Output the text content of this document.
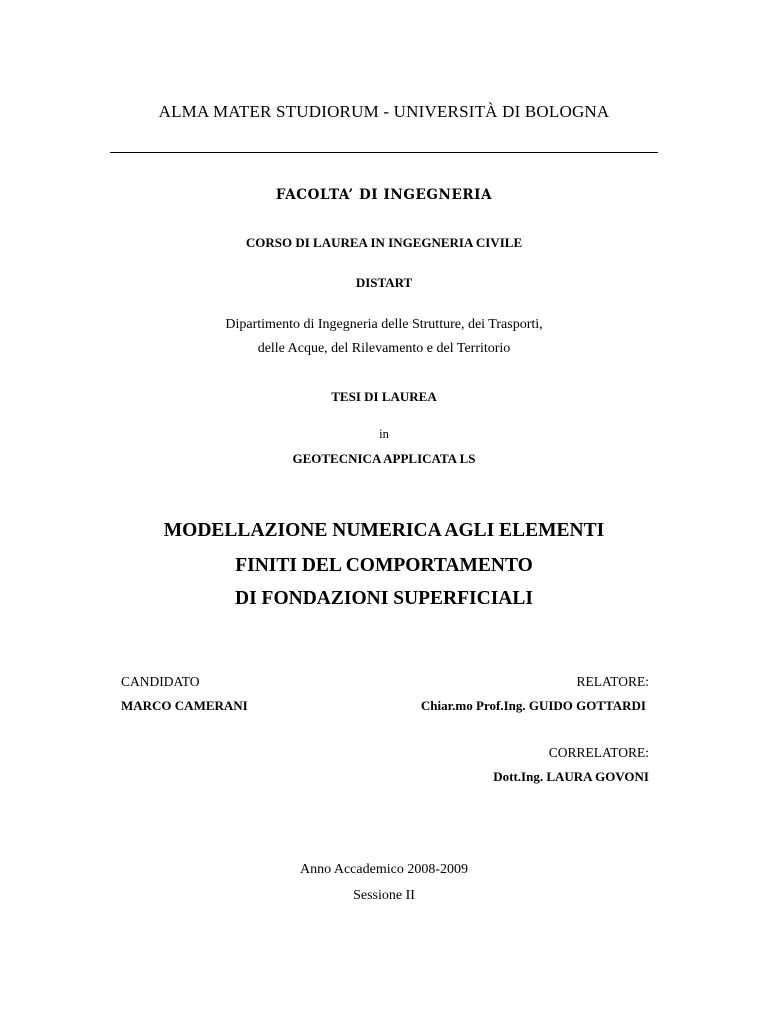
ALMA MATER STUDIORUM - UNIVERSITÀ DI BOLOGNA
FACOLTA’ DI INGEGNERIA
CORSO DI LAUREA IN INGEGNERIA CIVILE
DISTART
Dipartimento di Ingegneria delle Strutture, dei Trasporti,
delle Acque, del Rilevamento e del Territorio
TESI DI LAUREA
in
GEOTECNICA APPLICATA LS
MODELLAZIONE NUMERICA AGLI ELEMENTI
FINITI DEL COMPORTAMENTO
DI FONDAZIONI SUPERFICIALI
CANDIDATO
MARCO CAMERANI
RELATORE:
Chiar.mo Prof.Ing. GUIDO GOTTARDI
CORRELATORE:
Dott.Ing. LAURA GOVONI
Anno Accademico 2008-2009
Sessione II
